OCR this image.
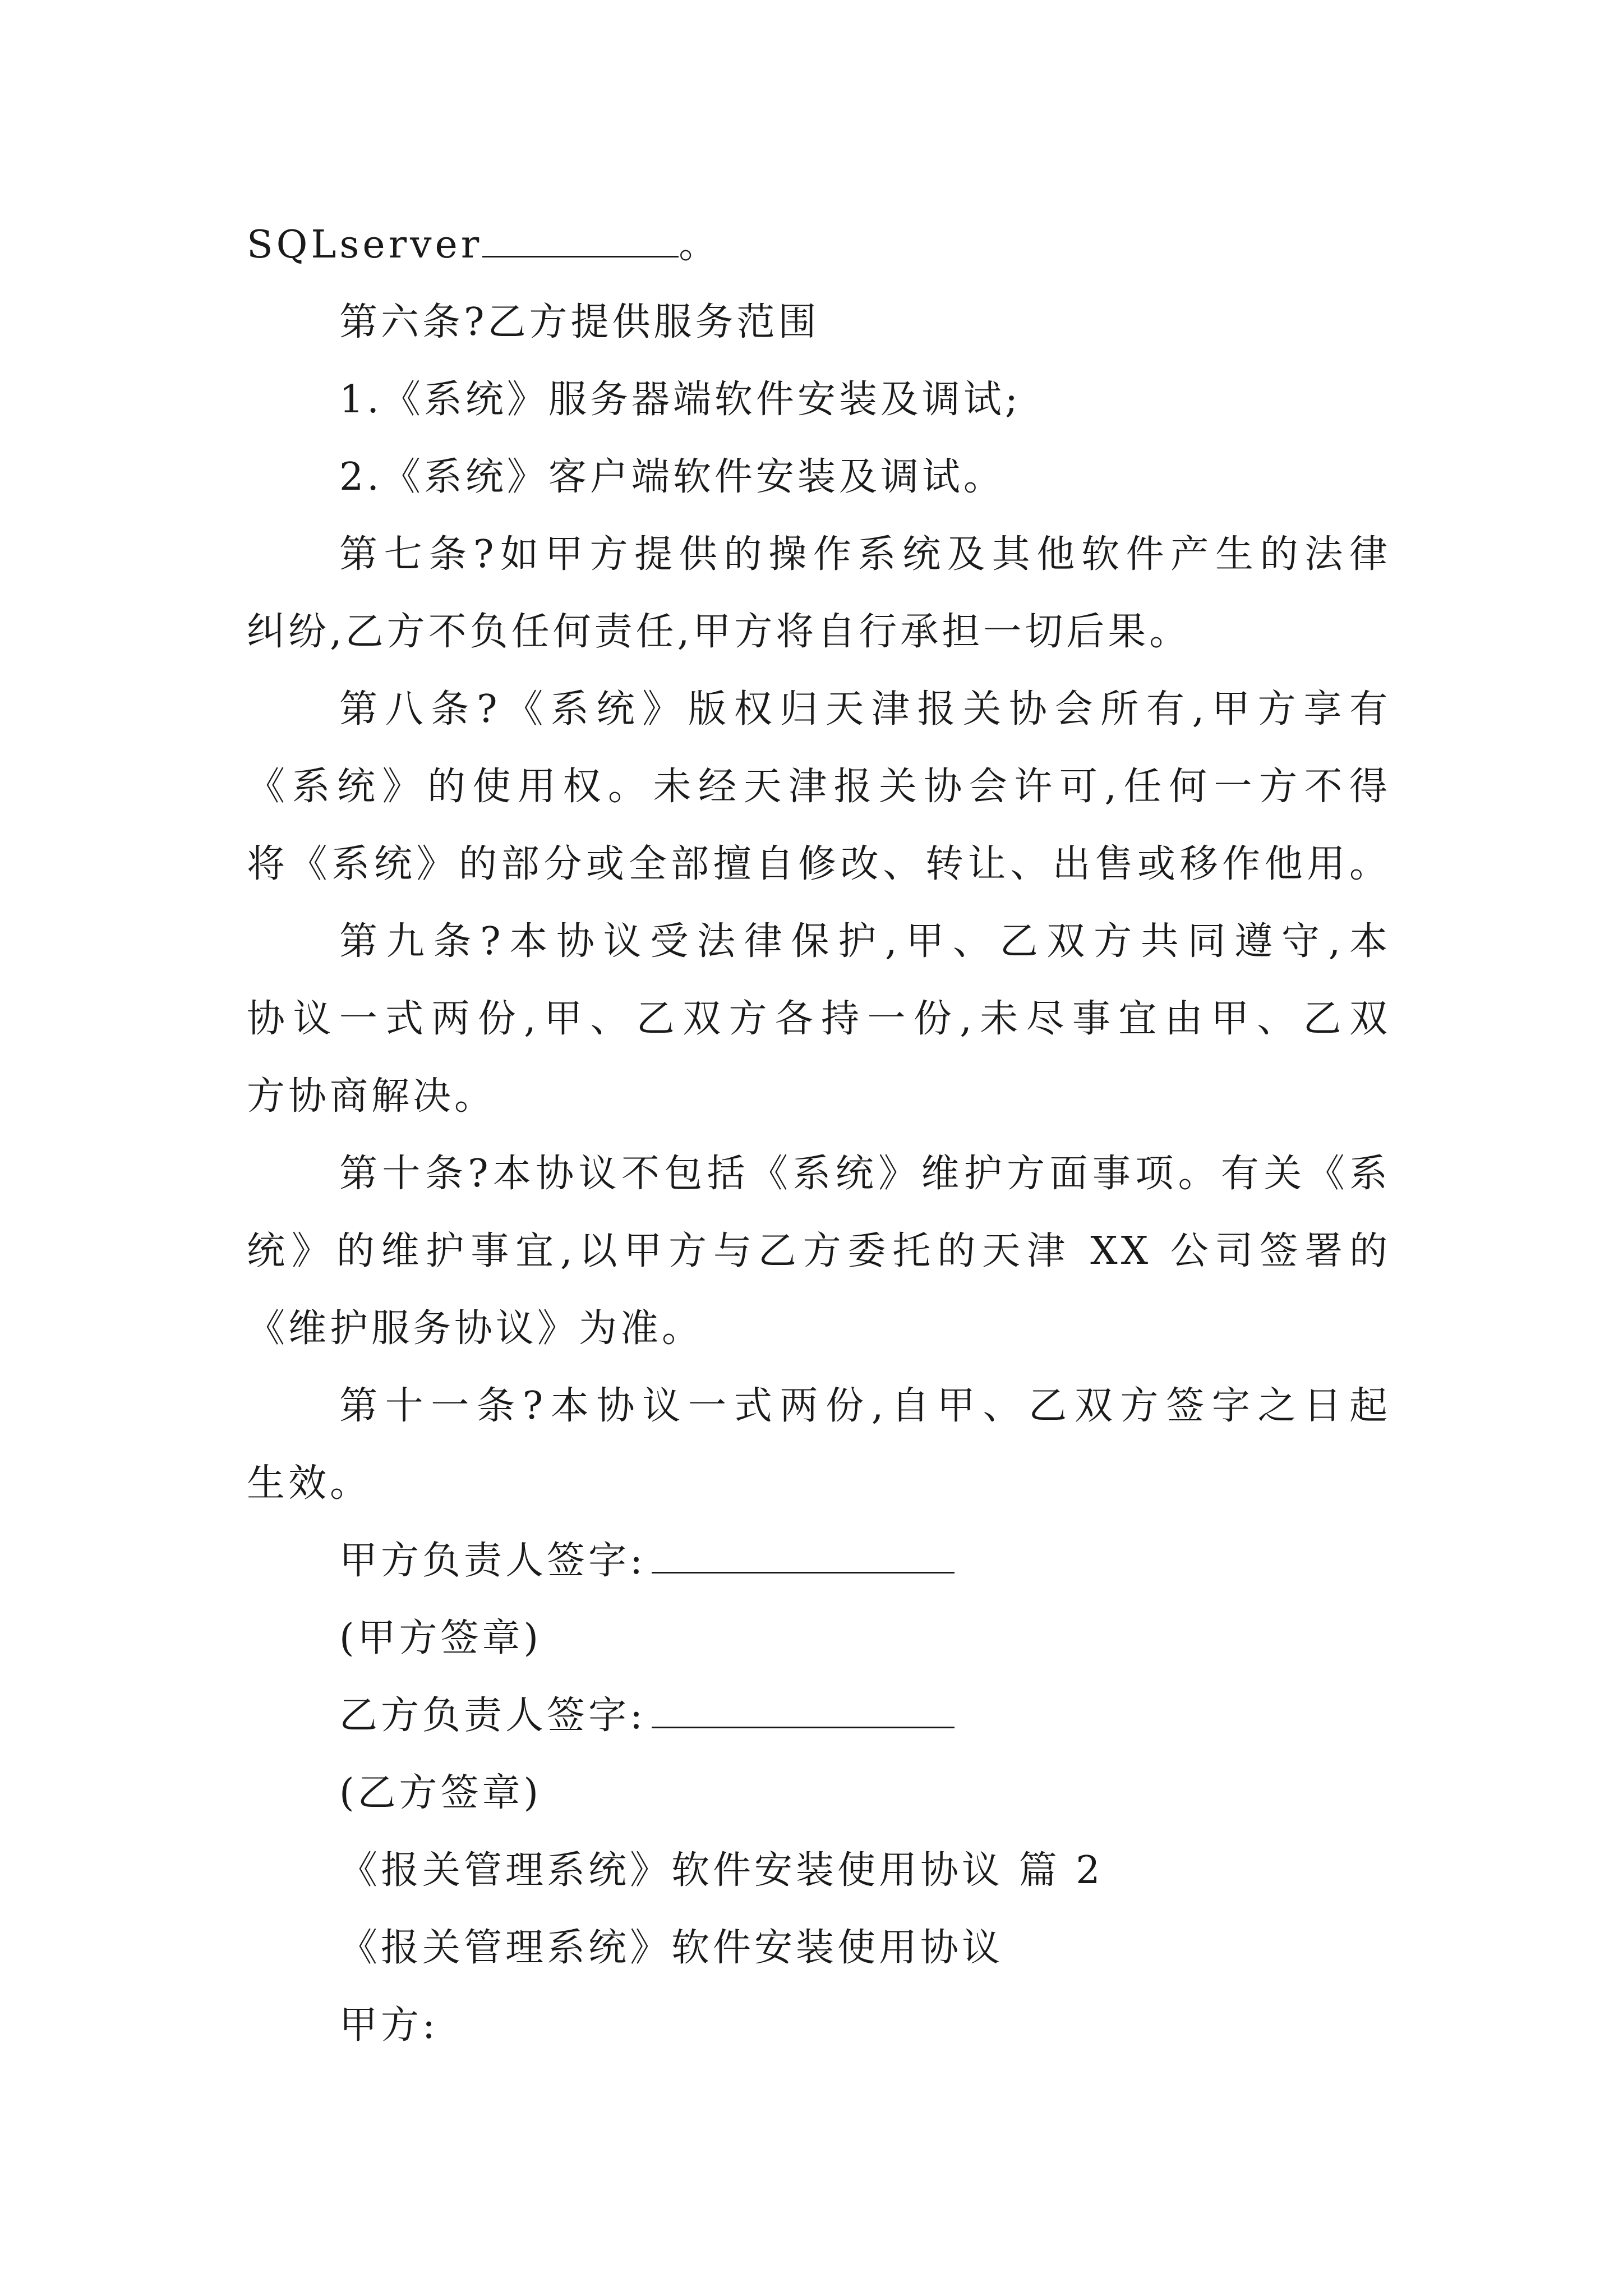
SQLserver	。
第六条?乙方提供服务范围
1.《系统》服务器端软件安装及调试;
2.《系统》客户端软件安装及调试。
第七条?如甲方提供的操作系统及其他软件产生的法律
纠纷,乙方不负任何责任,甲方将自行承担一切后果。
第八条?《系统》版权归天津报关协会所有,甲方享有
《系统》的使用权。未经天津报关协会许可,任何一方不得
将《系统》的部分或全部擅自修改、转让、出售或移作他用。
第九条?本协议受法律保护,甲、乙双方共同遵守,本
协议一式两份,甲、乙双方各持一份,未尽事宜由甲、乙双
方协商解决。
第十条?本协议不包括《系统》维护方面事项。有关《系
统》的维护事宜,以甲方与乙方委托的天津 XX 公司签署的
《维护服务协议》为准。
第十一条?本协议一式两份,自甲、乙双方签字之日起
生效。
甲方负责人签字:
(甲方签章)
乙方负责人签字:
(乙方签章)
《报关管理系统》软件安装使用协议 篇 2
《报关管理系统》软件安装使用协议
甲方:
